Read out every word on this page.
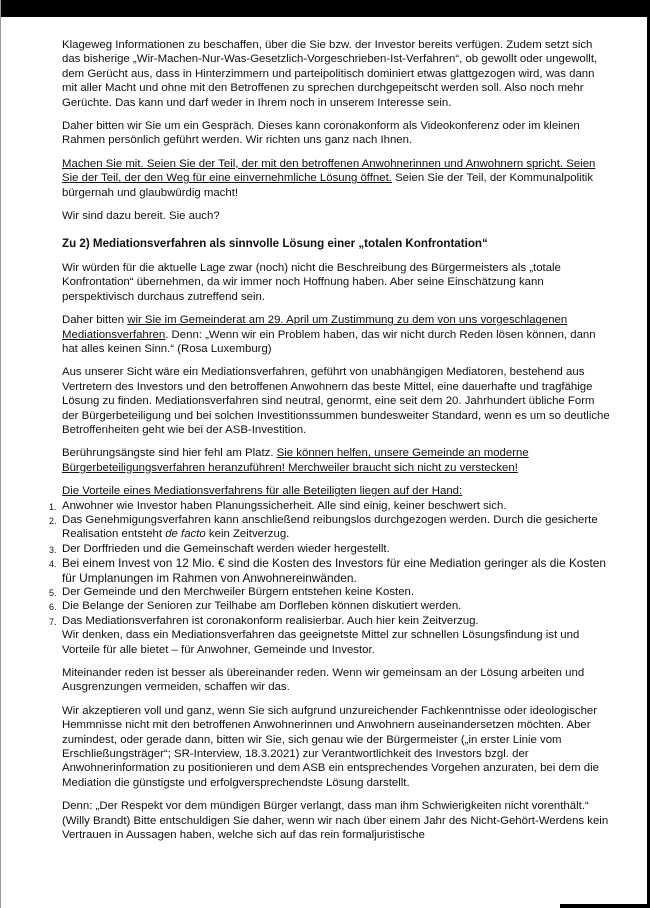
Klageweg Informationen zu beschaffen, über die Sie bzw. der Investor bereits verfügen. Zudem setzt sich das bisherige „Wir-Machen-Nur-Was-Gesetzlich-Vorgeschrieben-Ist-Verfahren“, ob gewollt oder ungewollt, dem Gerücht aus, dass in Hinterzimmern und parteipolitisch dominiert etwas glattgezogen wird, was dann mit aller Macht und ohne mit den Betroffenen zu sprechen durchgepeitscht werden soll. Also noch mehr Gerüchte. Das kann und darf weder in Ihrem noch in unserem Interesse sein.

Daher bitten wir Sie um ein Gespräch. Dieses kann coronakonform als Videokonferenz oder im kleinen Rahmen persönlich geführt werden. Wir richten uns ganz nach Ihnen.

Machen Sie mit. Seien Sie der Teil, der mit den betroffenen Anwohnerinnen und Anwohnern spricht. Seien Sie der Teil, der den Weg für eine einvernehmliche Lösung öffnet. Seien Sie der Teil, der Kommunalpolitik bürgernah und glaubwürdig macht!

Wir sind dazu bereit. Sie auch?

Zu 2) Mediationsverfahren als sinnvolle Lösung einer „totalen Konfrontation“

Wir würden für die aktuelle Lage zwar (noch) nicht die Beschreibung des Bürgermeisters als „totale Konfrontation“ übernehmen, da wir immer noch Hoffnung haben. Aber seine Einschätzung kann perspektivisch durchaus zutreffend sein.

Daher bitten wir Sie im Gemeinderat am 29. April um Zustimmung zu dem von uns vorgeschlagenen Mediationsverfahren. Denn: „Wenn wir ein Problem haben, das wir nicht durch Reden lösen können, dann hat alles keinen Sinn.“ (Rosa Luxemburg)

Aus unserer Sicht wäre ein Mediationsverfahren, geführt von unabhängigen Mediatoren, bestehend aus Vertretern des Investors und den betroffenen Anwohnern das beste Mittel, eine dauerhafte und tragfähige Lösung zu finden. Mediationsverfahren sind neutral, genormt, eine seit dem 20. Jahrhundert übliche Form der Bürgerbeteiligung und bei solchen Investitionssummen bundesweiter Standard, wenn es um so deutliche Betroffenheiten geht wie bei der ASB-Investition.

Berührungsängste sind hier fehl am Platz. Sie können helfen, unsere Gemeinde an moderne Bürgerbeteiligungsverfahren heranzuführen! Merchweiler braucht sich nicht zu verstecken!

Die Vorteile eines Mediationsverfahrens für alle Beteiligten liegen auf der Hand:
Anwohner wie Investor haben Planungssicherheit. Alle sind einig, keiner beschwert sich.
Das Genehmigungsverfahren kann anschließend reibungslos durchgezogen werden. Durch die gesicherte Realisation entsteht de facto kein Zeitverzug.
Der Dorffrieden und die Gemeinschaft werden wieder hergestellt.
Bei einem Invest von 12 Mio. € sind die Kosten des Investors für eine Mediation geringer als die Kosten für Umplanungen im Rahmen von Anwohnereinwänden.
Der Gemeinde und den Merchweiler Bürgern entstehen keine Kosten.
Die Belange der Senioren zur Teilhabe am Dorfleben können diskutiert werden.
Das Mediationsverfahren ist coronakonform realisierbar. Auch hier kein Zeitverzug.

Wir denken, dass ein Mediationsverfahren das geeignetste Mittel zur schnellen Lösungsfindung ist und Vorteile für alle bietet – für Anwohner, Gemeinde und Investor.

Miteinander reden ist besser als übereinander reden. Wenn wir gemeinsam an der Lösung arbeiten und Ausgrenzungen vermeiden, schaffen wir das.

Wir akzeptieren voll und ganz, wenn Sie sich aufgrund unzureichender Fachkenntnisse oder ideologischer Hemmnisse nicht mit den betroffenen Anwohnerinnen und Anwohnern auseinandersetzen möchten. Aber zumindest, oder gerade dann, bitten wir Sie, sich genau wie der Bürgermeister („in erster Linie vom Erschließungsträger“; SR-Interview, 18.3.2021) zur Verantwortlichkeit des Investors bzgl. der Anwohnerinformation zu positionieren und dem ASB ein entsprechendes Vorgehen anzuraten, bei dem die Mediation die günstigste und erfolgversprechendste Lösung darstellt.

Denn: „Der Respekt vor dem mündigen Bürger verlangt, dass man ihm Schwierigkeiten nicht vorenthält.“ (Willy Brandt) Bitte entschuldigen Sie daher, wenn wir nach über einem Jahr des Nicht-Gehört-Werdens kein Vertrauen in Aussagen haben, welche sich auf das rein formaljuristische
